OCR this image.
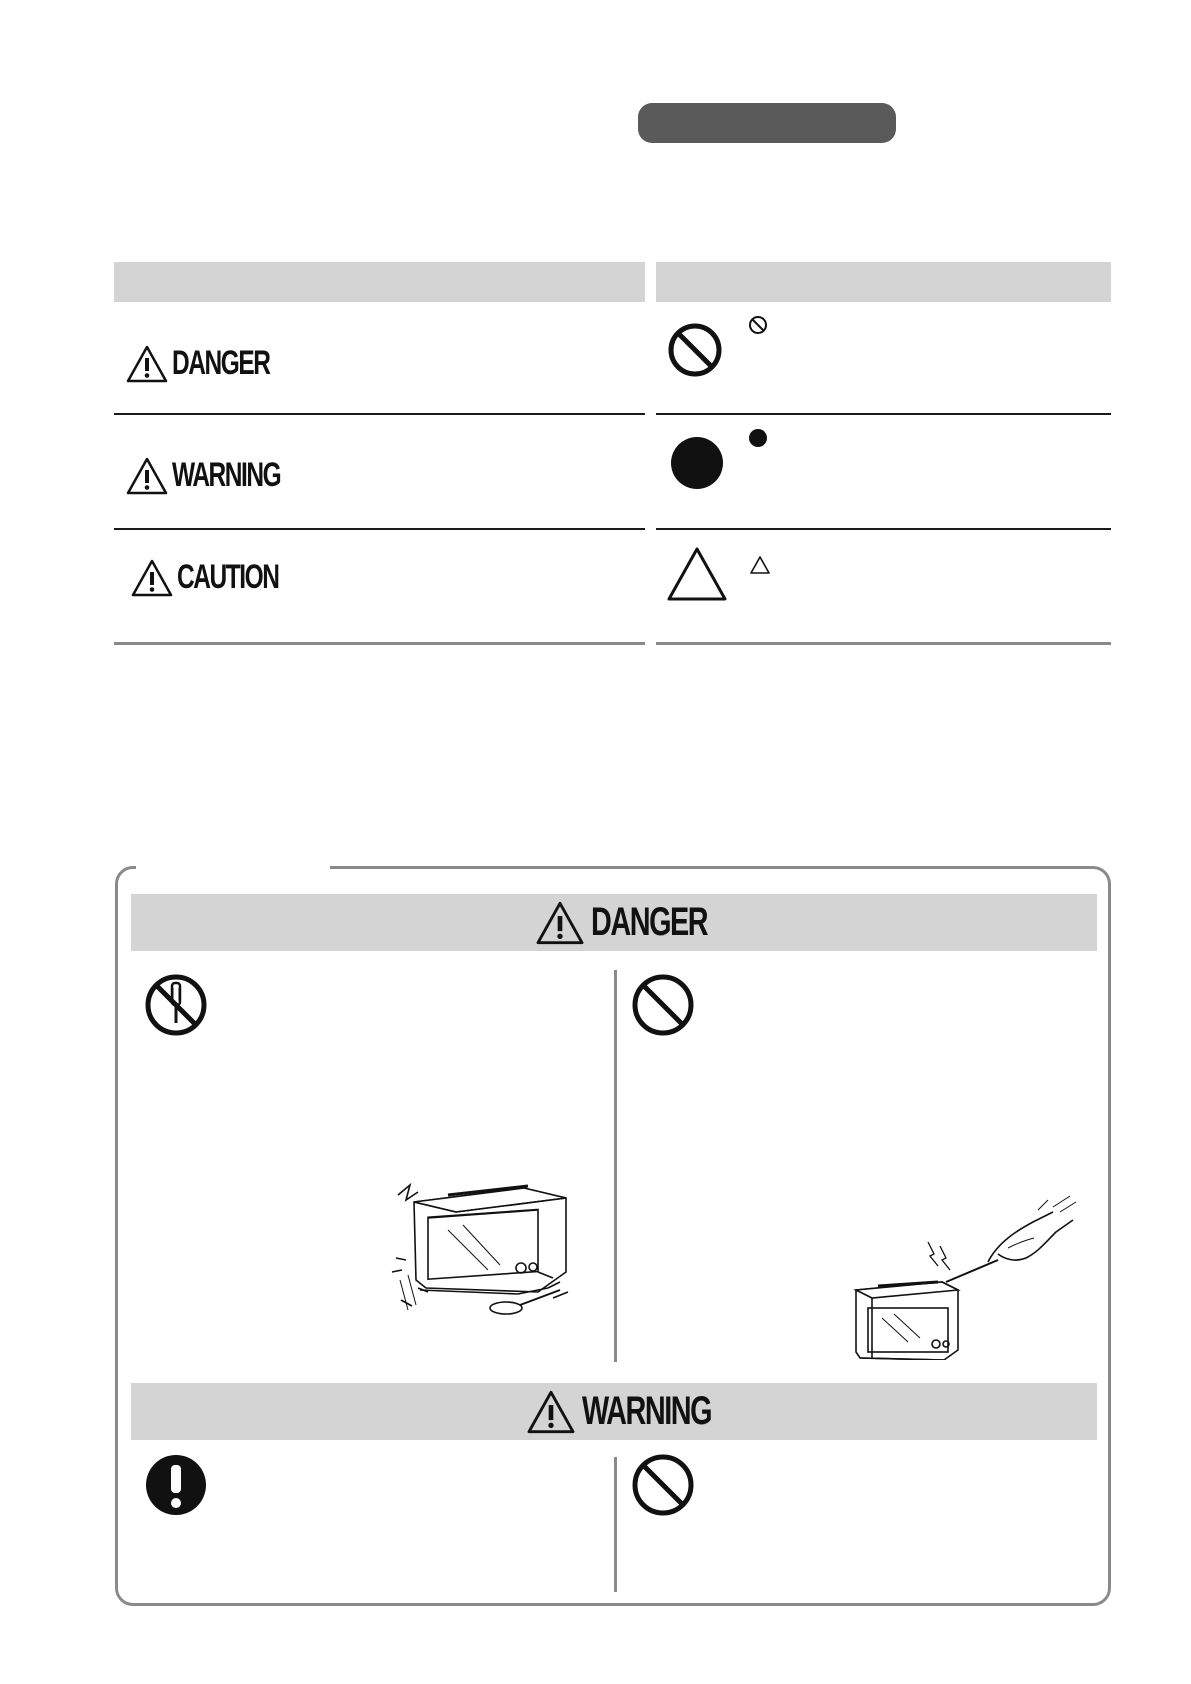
DANGER
WARNING
CAUTION
DANGER
WARNING
